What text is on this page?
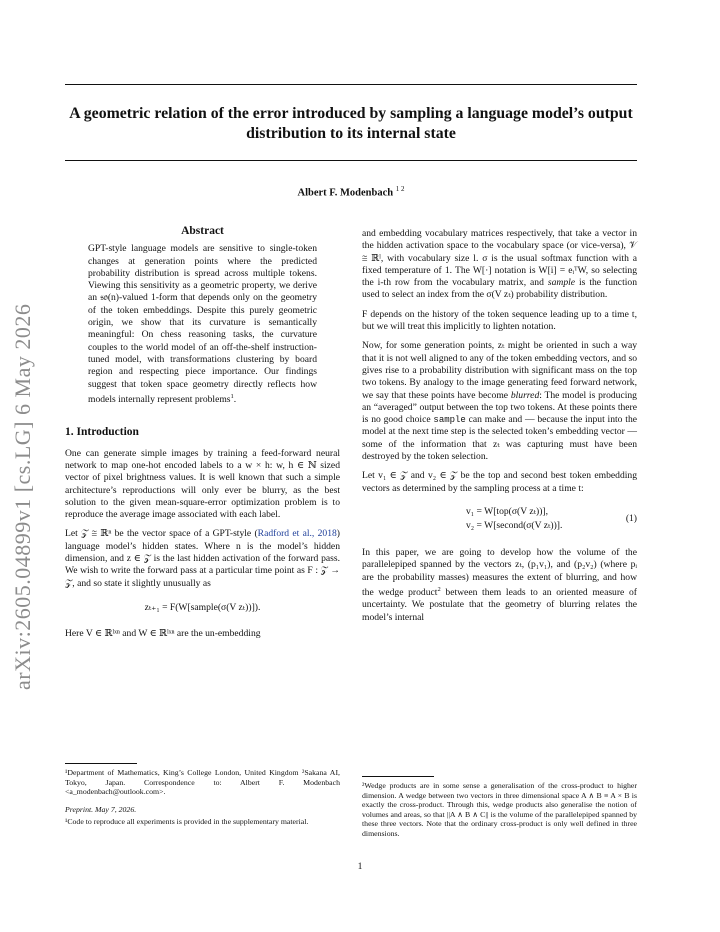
arXiv:2605.04899v1 [cs.LG] 6 May 2026
A geometric relation of the error introduced by sampling a language model’s output distribution to its internal state
Albert F. Modenbach $^{1 2}$
Abstract
GPT-style language models are sensitive to single-token changes at generation points where the predicted probability distribution is spread across multiple tokens. Viewing this sensitivity as a geometric property, we derive an 𝔰𝔬(n)-valued 1-form that depends only on the geometry of the token embeddings. Despite this purely geometric origin, we show that its curvature is semantically meaningful: On chess reasoning tasks, the curvature couples to the world model of an off-the-shelf instruction-tuned model, with transformations clustering by board region and respecting piece importance. Our findings suggest that token space geometry directly reflects how models internally represent problems$^1$.
1. Introduction

One can generate simple images by training a feed-forward neural network to map one-hot encoded labels to a w × h: w, h ∈ ℕ sized vector of pixel brightness values. It is well known that such a simple architecture’s reproductions will only ever be blurry, as the best solution to the given mean-square-error optimization problem is to reproduce the average image associated with each label.

Let 𝒵 ≅ ℝⁿ be the vector space of a GPT-style (Radford et al., 2018) language model’s hidden states. Where n is the model’s hidden dimension, and z ∈ 𝒵 is the last hidden activation of the forward pass. We wish to write the forward pass at a particular time point as F : 𝒵 → 𝒵, and so state it slightly unusually as

zₜ₊₁ = F(W[sample(σ(V zₜ))]).

Here V ∈ ℝˡˣⁿ and W ∈ ℝˡˣⁿ are the un-embedding

¹Department of Mathematics, King’s College London, United Kingdom ²Sakana AI, Tokyo, Japan. Correspondence to: Albert F. Modenbach <a_modenbach@outlook.com>.

Preprint. May 7, 2026.

¹Code to reproduce all experiments is provided in the supplementary material.

and embedding vocabulary matrices respectively, that take a vector in the hidden activation space to the vocabulary space (or vice-versa), 𝒱 ≅ ℝˡ, with vocabulary size l. σ is the usual softmax function with a fixed temperature of 1. The W[·] notation is W[i] = eᵢᵀW, so selecting the i-th row from the vocabulary matrix, and sample is the function used to select an index from the σ(V zₜ) probability distribution.

F depends on the history of the token sequence leading up to a time t, but we will treat this implicitly to lighten notation.

Now, for some generation points, zₜ might be oriented in such a way that it is not well aligned to any of the token embedding vectors, and so gives rise to a probability distribution with significant mass on the top two tokens. By analogy to the image generating feed forward network, we say that these points have become blurred: The model is producing an “averaged” output between the top two tokens. At these points there is no good choice sample can make and — because the input into the model at the next time step is the selected token’s embedding vector — some of the information that zₜ was capturing must have been destroyed by the token selection.

Let v₁ ∈ 𝒵 and v₂ ∈ 𝒵 be the top and second best token embedding vectors as determined by the sampling process at a time t:

v₁ = W[top(σ(V zₜ))],
v₂ = W[second(σ(V zₜ))].
(1)

In this paper, we are going to develop how the volume of the parallelepiped spanned by the vectors zₜ, (p₁v₁), and (p₂v₂) (where pᵢ are the probability masses) measures the extent of blurring, and how the wedge product$^2$ between them leads to an oriented measure of uncertainty. We postulate that the geometry of blurring relates the model’s internal

²Wedge products are in some sense a generalisation of the cross-product to higher dimension. A wedge between two vectors in three dimensional space A ∧ B ≡ A × B is exactly the cross-product. Through this, wedge products also generalise the notion of volumes and areas, so that ||A ∧ B ∧ C|| is the volume of the parallelepiped spanned by these three vectors. Note that the ordinary cross-product is only well defined in three dimensions.

1
